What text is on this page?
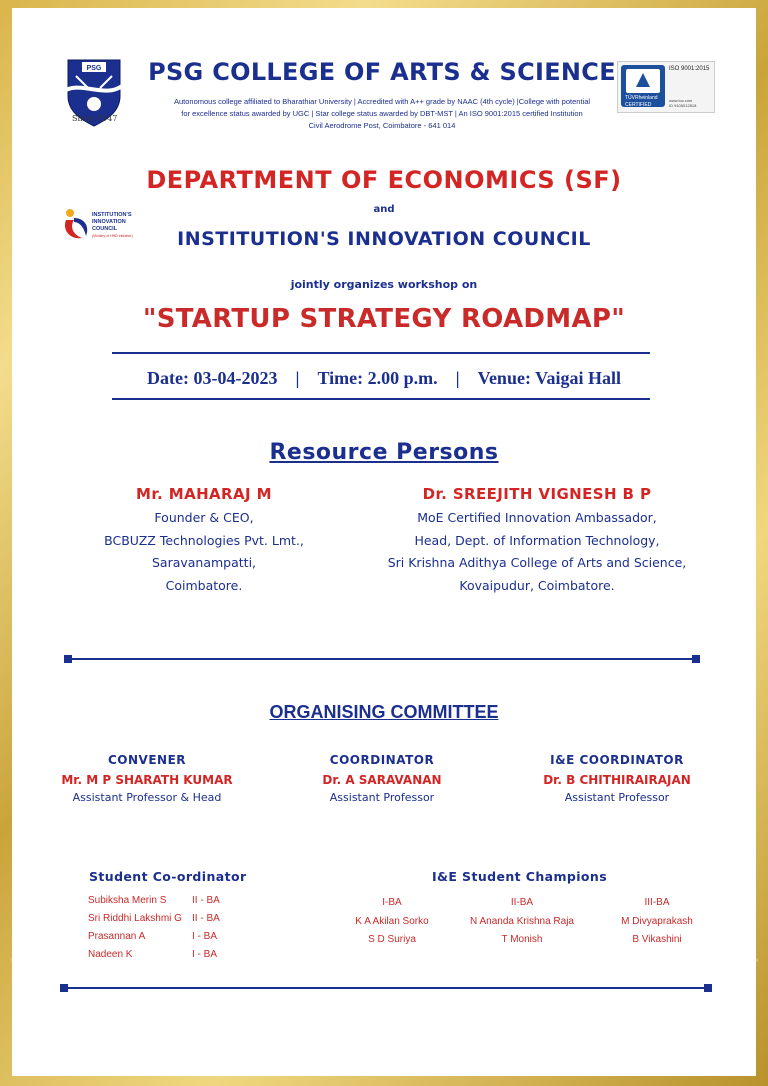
PSG
Since 1947
PSG COLLEGE OF ARTS & SCIENCE
Autonomous college affiliated to Bharathiar University | Accredited with A++ grade by NAAC (4th cycle) |College with potential
for excellence status awarded by UGC | Star college status awarded by DBT-MST | An ISO 9001:2015 certified Institution
Civil Aerodrome Post, Coimbatore - 641 014
TÜVRheinland
CERTIFIED
ISO 9001:2015
www.tuv.com
ID 9105012818
DEPARTMENT OF ECONOMICS (SF)
and
INSTITUTION'S
INNOVATION
COUNCIL
(Ministry of HRD Initiative)	INSTITUTION'S INNOVATION COUNCIL
jointly organizes workshop on
"STARTUP STRATEGY ROADMAP"
Date: 03-04-2023 | Time: 2.00 p.m. | Venue: Vaigai Hall
Resource Persons
Mr. MAHARAJ M
Founder & CEO,
BCBUZZ Technologies Pvt. Lmt.,
Saravanampatti,
Coimbatore.
Dr. SREEJITH VIGNESH B P
MoE Certified Innovation Ambassador,
Head, Dept. of Information Technology,
Sri Krishna Adithya College of Arts and Science,
Kovaipudur, Coimbatore.
ORGANISING COMMITTEE
CONVENER
Mr. M P SHARATH KUMAR
Assistant Professor & Head
COORDINATOR
Dr. A SARAVANAN
Assistant Professor
I&E COORDINATOR
Dr. B CHITHIRAIRAJAN
Assistant Professor
Student Co-ordinator
Subiksha Merin S	II - BA
Sri Riddhi Lakshmi G II - BA
Prasannan A	I - BA
Nadeen K	I - BA
I&E Student Champions
I-BA
K A Akilan Sorko
S D Suriya
II-BA
N Ananda Krishna Raja
T Monish
III-BA
M Divyaprakash
B Vikashini
